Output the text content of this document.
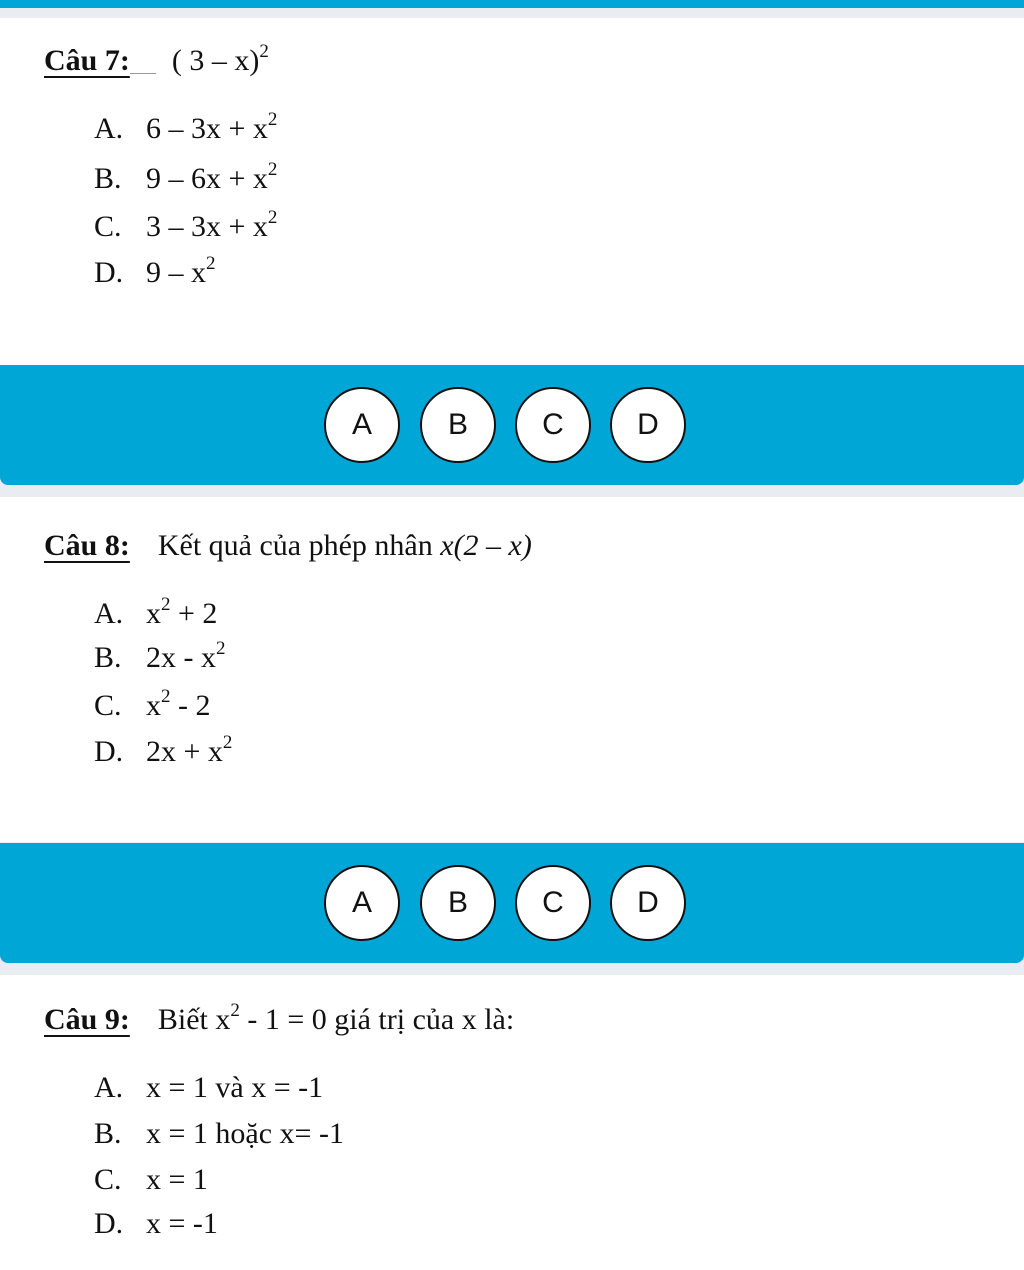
Câu 7: ( 3 – x)$^2$
A. $6 - 3x + x^2$
B. $9 - 6x + x^2$
C. $3 - 3x + x^2$
D. $9 - x^2$
A	B	C	D
Câu 8: Kết quả của phép nhân x(2 – x)
A. $x^2 + 2$
B. $2x - x^2$
C. $x^2 - 2$
D. $2x + x^2$
A	B	C	D
Câu 9: Biết $x^2 - 1 = 0$ giá trị của x là:
A. x = 1 và x = -1
B. x = 1 hoặc x= -1
C. x = 1
D. x = -1
